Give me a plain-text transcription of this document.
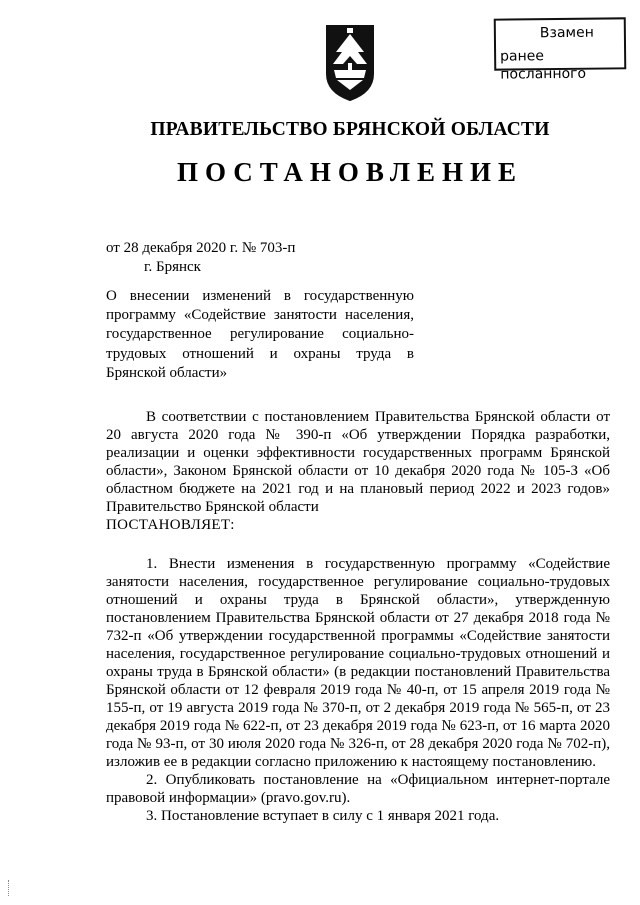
Взамен
ранее посланного
ПРАВИТЕЛЬСТВО БРЯНСКОЙ ОБЛАСТИ
ПОСТАНОВЛЕНИЕ
от 28 декабря 2020 г. № 703-п
г. Брянск
О внесении изменений в государственную программу «Содействие занятости населения, государственное регулирование социально-трудовых отношений и охраны труда в Брянской области»

В соответствии с постановлением Правительства Брянской области от 20 августа 2020 года № 390-п «Об утверждении Порядка разработки, реализации и оценки эффективности государственных программ Брянской области», Законом Брянской области от 10 декабря 2020 года № 105-З «Об областном бюджете на 2021 год и на плановый период 2022 и 2023 годов» Правительство Брянской области

ПОСТАНОВЛЯЕТ:

1. Внести изменения в государственную программу «Содействие занятости населения, государственное регулирование социально-трудовых отношений и охраны труда в Брянской области», утвержденную постановлением Правительства Брянской области от 27 декабря 2018 года № 732-п «Об утверждении государственной программы «Содействие занятости населения, государственное регулирование социально-трудовых отношений и охраны труда в Брянской области» (в редакции постановлений Правительства Брянской области от 12 февраля 2019 года № 40-п, от 15 апреля 2019 года № 155-п, от 19 августа 2019 года № 370-п, от 2 декабря 2019 года № 565-п, от 23 декабря 2019 года № 622-п, от 23 декабря 2019 года № 623-п, от 16 марта 2020 года № 93-п, от 30 июля 2020 года № 326-п, от 28 декабря 2020 года № 702-п), изложив ее в редакции согласно приложению к настоящему постановлению.

2. Опубликовать постановление на «Официальном интернет-портале правовой информации» (pravo.gov.ru).

3. Постановление вступает в силу с 1 января 2021 года.
